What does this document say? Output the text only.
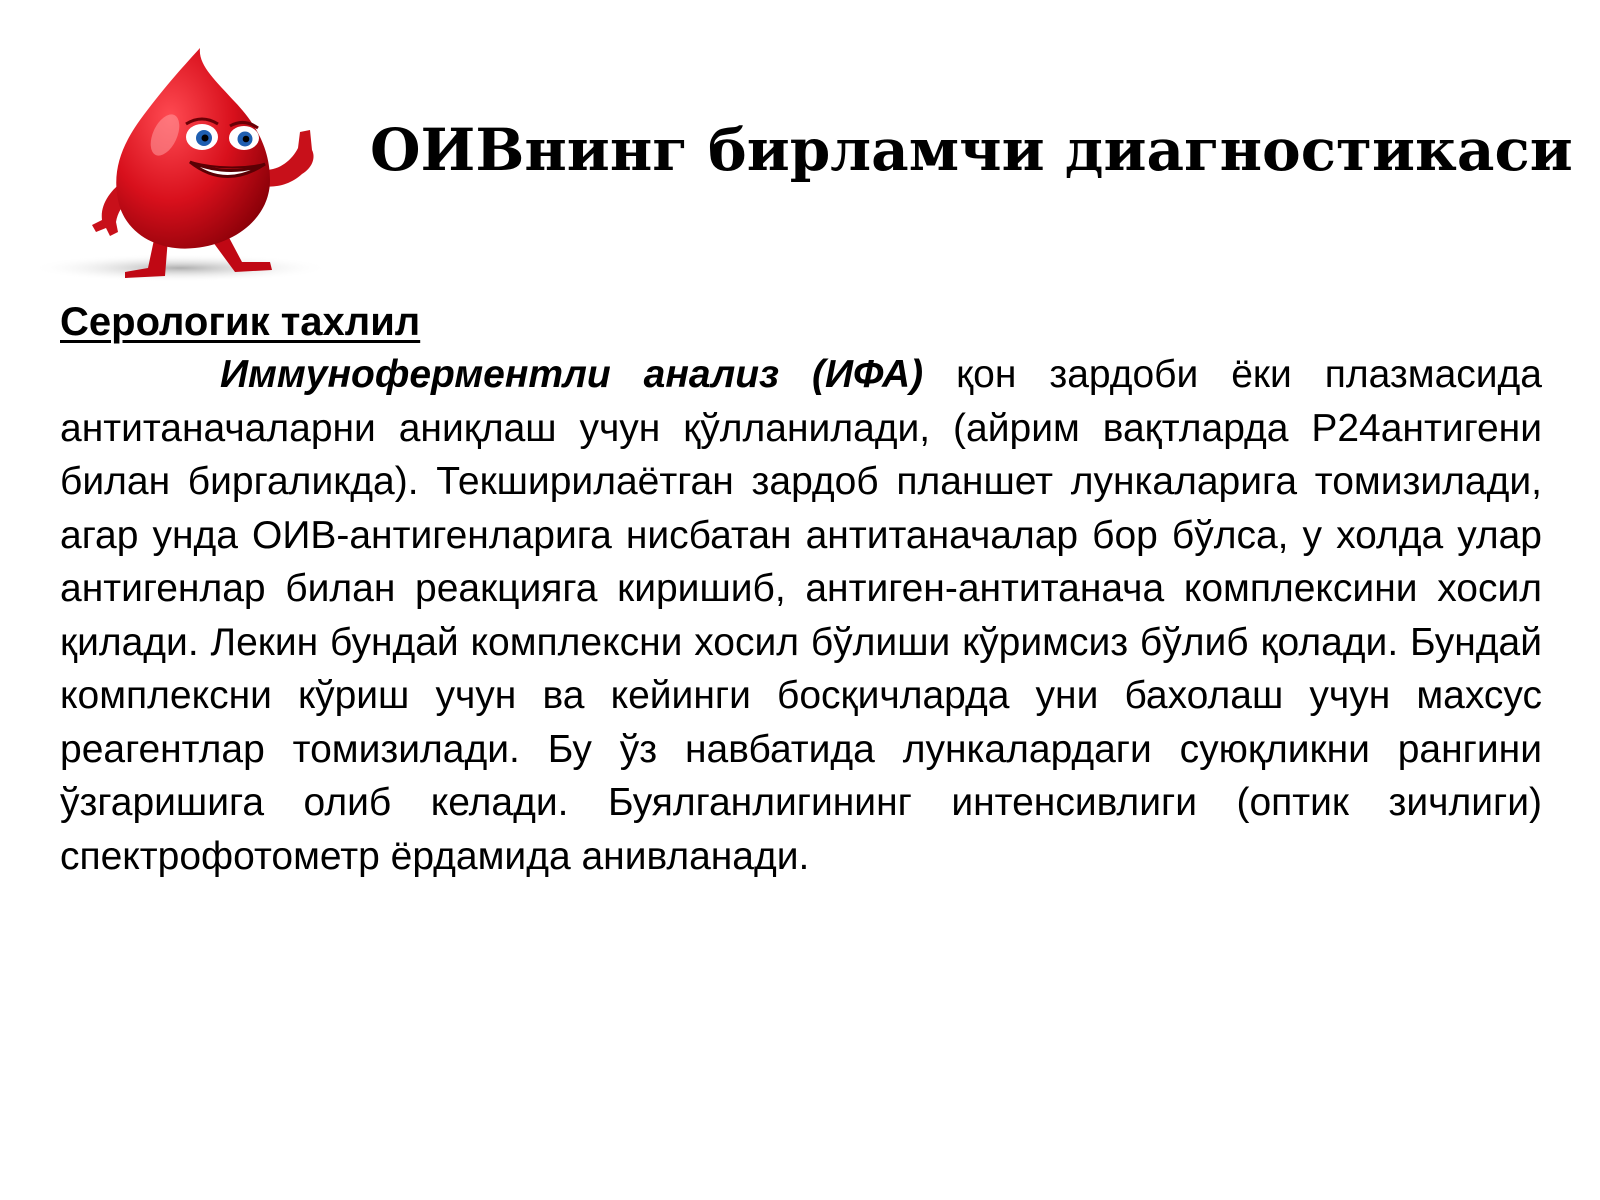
ОИВнинг бирламчи диагностикаси
Серологик тахлил

Иммуноферментли анализ (ИФА) қон зардоби ёки плазмасида антитаначаларни аниқлаш учун қўлланилади, (айрим вақтларда Р24антигени билан биргаликда). Текширилаётган зардоб планшет лункаларига томизилади, агар унда ОИВ-антигенларига нисбатан антитаначалар бор бўлса, у холда улар антигенлар билан реакцияга киришиб, антиген-антитанача комплексини хосил қилади. Лекин бундай комплексни хосил бўлиши кўримсиз бўлиб қолади. Бундай комплексни кўриш учун ва кейинги босқичларда уни бахолаш учун махсус реагентлар томизилади. Бу ўз навбатида лункалардаги суюқликни рангини ўзгаришига олиб келади. Буялганлигининг интенсивлиги (оптик зичлиги) спектрофотометр ёрдамида анивланади.
